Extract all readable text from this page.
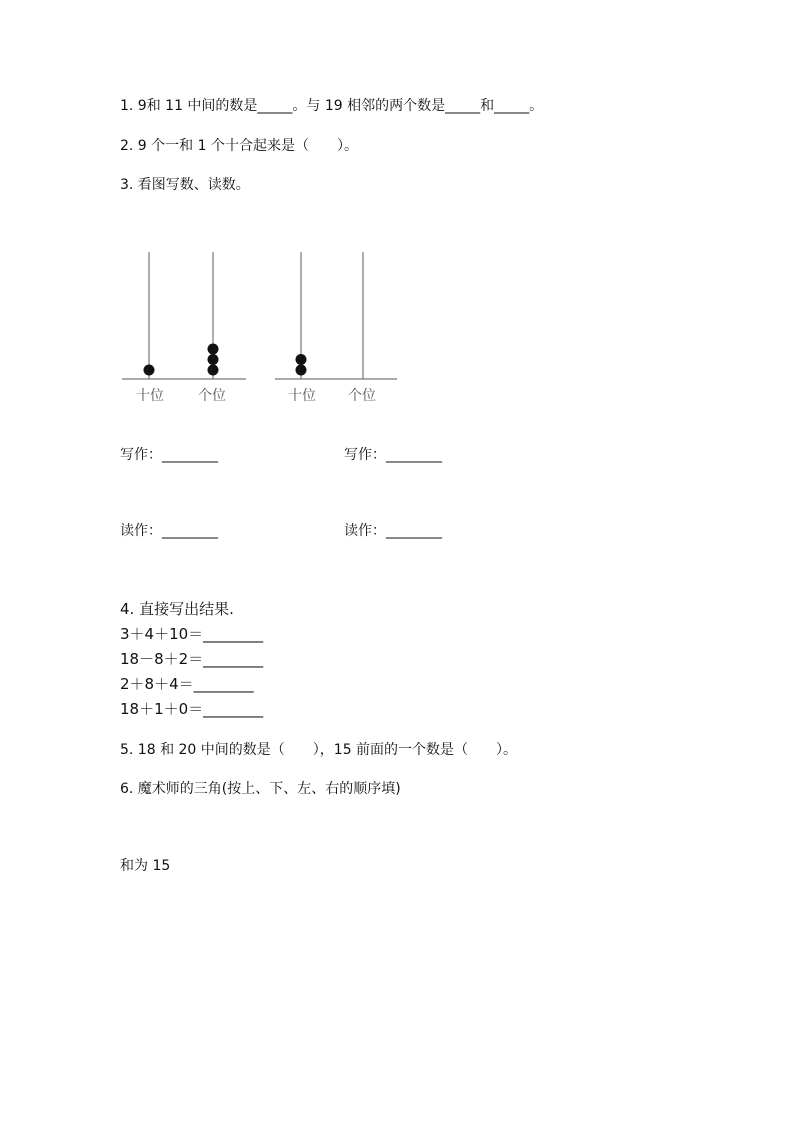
1. 9和 11 中间的数是_____。与 19 相邻的两个数是_____和_____。
2. 9 个一和 1 个十合起来是（　　）。
3. 看图写数、读数。
十位 个位	十位 个位
写作：________	写作：________
读作：________	读作：________
4. 直接写出结果.
3＋4＋10＝________
18－8＋2＝________
2＋8＋4＝________
18＋1＋0＝________
5. 18 和 20 中间的数是（　　），15 前面的一个数是（　　）。
6. 魔术师的三角(按上、下、左、右的顺序填)
和为 15
